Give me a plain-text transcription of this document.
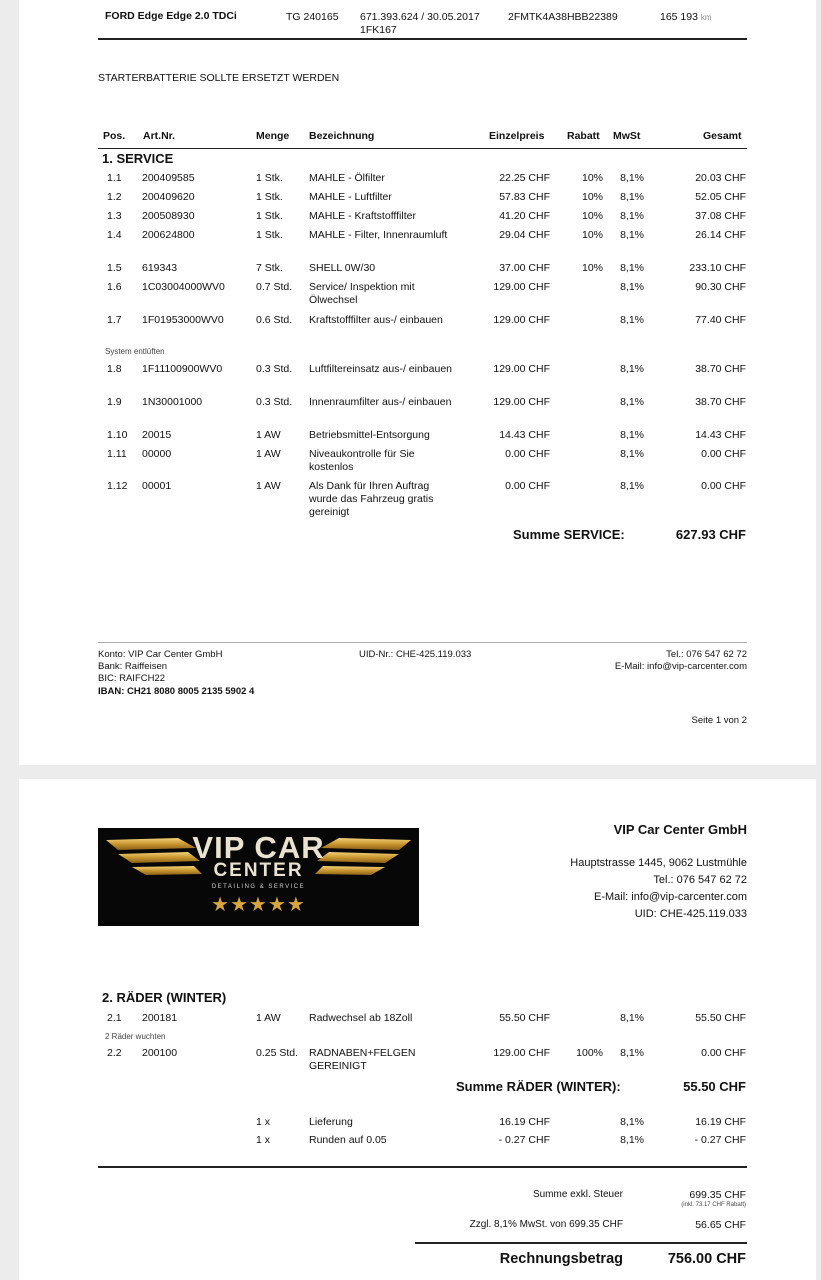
FORD Edge Edge 2.0 TDCi	TG 240165 671.393.624 / 30.05.2017
1FK167
2FMTK4A38HBB22389	165 193 km
STARTERBATTERIE SOLLTE ERSETZT WERDEN
Pos. Art.Nr.	Menge Bezeichnung	Einzelpreis Rabatt MwSt	Gesamt
1. SERVICE
1.1 200409585	1 Stk. MAHLE - Ölfilter	22.25 CHF	10%	8,1%	20.03 CHF
1.2 200409620	1 Stk. MAHLE - Luftfilter	57.83 CHF	10%	8,1%	52.05 CHF
1.3 200508930	1 Stk. MAHLE - Kraftstofffilter	41.20 CHF	10%	8,1%	37.08 CHF
1.4 200624800	1 Stk. MAHLE - Filter, Innenraumluft	29.04 CHF	10%	8,1%	26.14 CHF
1.5 619343	7 Stk. SHELL 0W/30	37.00 CHF	10%	8,1%	233.10 CHF
1.6 1C03004000WV0	0.7 Std. Service/ Inspektion mit Ölwechsel
129.00 CHF	8,1%	90.30 CHF
1.7 1F01953000WV0	0.6 Std. Kraftstofffilter aus-/ einbauen	129.00 CHF	8,1%	77.40 CHF
1.8 1F11100900WV0	0.3 Std. Luftfiltereinsatz aus-/ einbauen	129.00 CHF	8,1%	38.70 CHF
1.9 1N30001000	0.3 Std. Innenraumfilter aus-/ einbauen	129.00 CHF	8,1%	38.70 CHF
1.10 20015	1 AW	Betriebsmittel-Entsorgung	14.43 CHF	8,1%	14.43 CHF
1.11 00000	1 AW	Niveaukontrolle für Sie kostenlos
0.00 CHF	8,1%	0.00 CHF
1.12 00001	1 AW	Als Dank für Ihren Auftrag wurde das Fahrzeug gratis gereinigt
0.00 CHF	8,1%	0.00 CHF
System entlüften
Summe SERVICE:	627.93 CHF
Konto: VIP Car Center GmbH
Bank: Raiffeisen
BIC: RAIFCH22
IBAN: CH21 8080 8005 2135 5902 4
UID-Nr.: CHE-425.119.033	Tel.: 076 547 62 72
E-Mail: info@vip-carcenter.com
Seite 1 von 2
VIP CAR
CENTER
DETAILING & SERVICE
★★★★★
VIP Car Center GmbH
Hauptstrasse 1445, 9062 Lustmühle
Tel.: 076 547 62 72
E-Mail: info@vip-carcenter.com
UID: CHE-425.119.033
2. RÄDER (WINTER)
2.1 200181	1 AW	Radwechsel ab 18Zoll	55.50 CHF	8,1%	55.50 CHF
2.2 200100	0.25 Std. RADNABEN+FELGEN GEREINIGT
129.00 CHF	100%	8,1%	0.00 CHF
2 Räder wuchten
Summe RÄDER (WINTER):	55.50 CHF
1 x	Lieferung	16.19 CHF	8,1%	16.19 CHF
1 x	Runden auf 0.05	- 0.27 CHF	8,1%	- 0.27 CHF
Summe exkl. Steuer	699.35 CHF
(inkl. 73.17 CHF Rabatt)
Zzgl. 8,1% MwSt. von 699.35 CHF	56.65 CHF
Rechnungsbetrag	756.00 CHF
